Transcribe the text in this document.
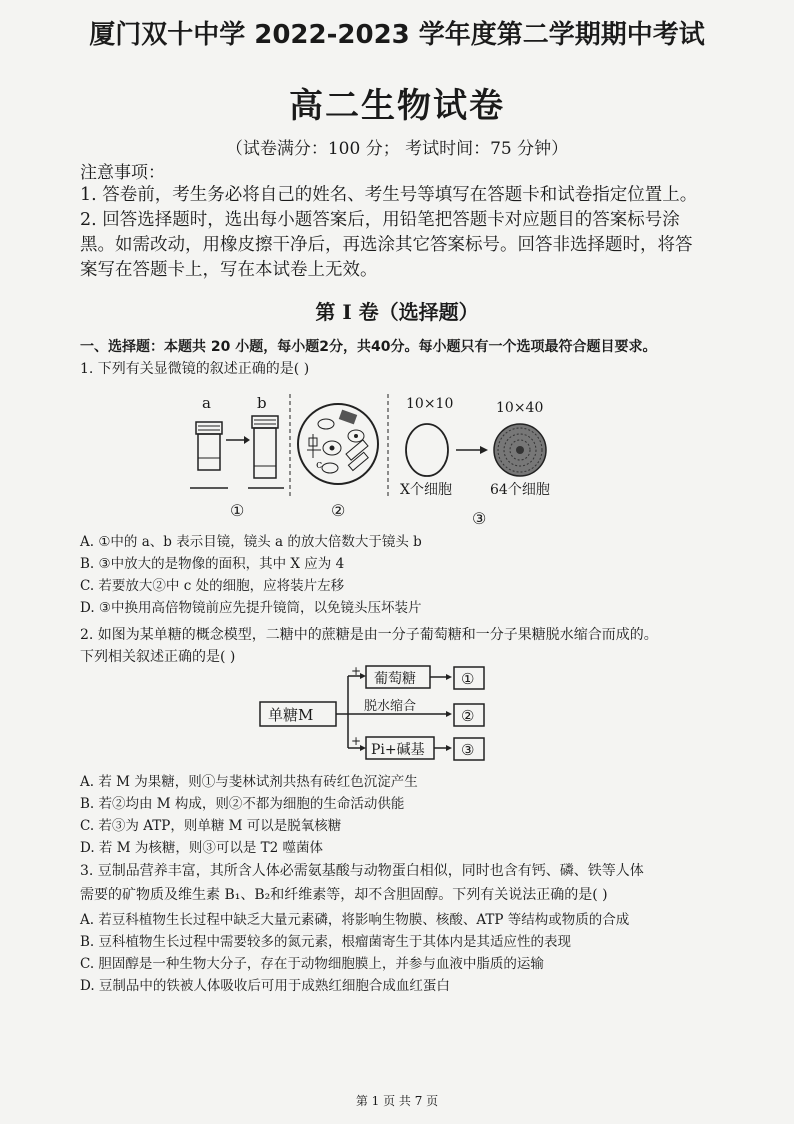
厦门双十中学 2022-2023 学年度第二学期期中考试
高二生物试卷
（试卷满分：100 分； 考试时间：75 分钟）
注意事项：
1. 答卷前，考生务必将自己的姓名、考生号等填写在答题卡和试卷指定位置上。
2. 回答选择题时，选出每小题答案后，用铅笔把答题卡对应题目的答案标号涂
黑。如需改动，用橡皮擦干净后，再选涂其它答案标号。回答非选择题时，将答
案写在答题卡上，写在本试卷上无效。
第 I 卷（选择题）
一、选择题：本题共 20 小题，每小题2分，共40分。每小题只有一个选项最符合题目要求。
1. 下列有关显微镜的叙述正确的是( )
a	b
①
c
②
10×10	10×40
X个细胞	64个细胞
③
A. ①中的 a、b 表示目镜，镜头 a 的放大倍数大于镜头 b
B. ③中放大的是物像的面积，其中 X 应为 4
C. 若要放大②中 c 处的细胞，应将装片左移
D. ③中换用高倍物镜前应先提升镜筒，以免镜头压坏装片
2. 如图为某单糖的概念模型，二糖中的蔗糖是由一分子葡萄糖和一分子果糖脱水缩合而成的。
下列相关叙述正确的是( )
单糖M
+ 葡萄糖	①
脱水缩合
②
+
Pi+碱基 ③
A. 若 M 为果糖，则①与斐林试剂共热有砖红色沉淀产生
B. 若②均由 M 构成，则②不都为细胞的生命活动供能
C. 若③为 ATP，则单糖 M 可以是脱氧核糖
D. 若 M 为核糖，则③可以是 T2 噬菌体
3. 豆制品营养丰富，其所含人体必需氨基酸与动物蛋白相似，同时也含有钙、磷、铁等人体
需要的矿物质及维生素 B₁、B₂和纤维素等，却不含胆固醇。下列有关说法正确的是( )
A. 若豆科植物生长过程中缺乏大量元素磷，将影响生物膜、核酸、ATP 等结构或物质的合成
B. 豆科植物生长过程中需要较多的氮元素，根瘤菌寄生于其体内是其适应性的表现
C. 胆固醇是一种生物大分子，存在于动物细胞膜上，并参与血液中脂质的运输
D. 豆制品中的铁被人体吸收后可用于成熟红细胞合成血红蛋白
第 1 页 共 7 页
